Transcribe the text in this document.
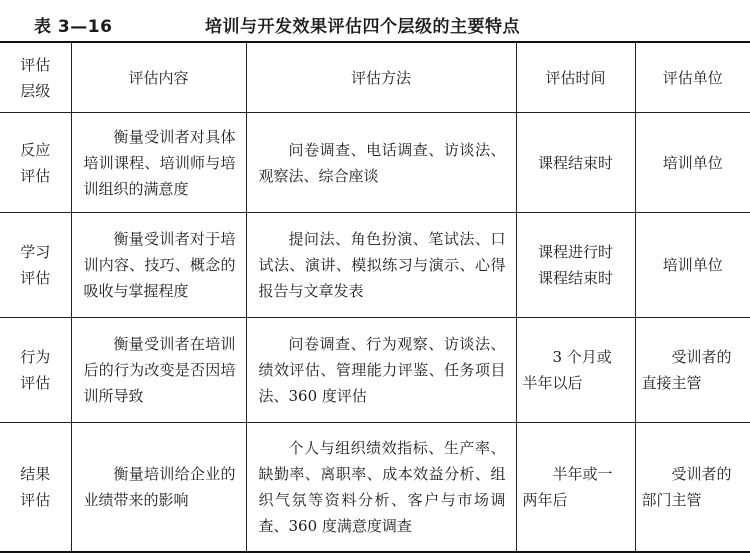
表 3—16	培训与开发效果评估四个层级的主要特点
评估层级	评估内容	评估方法	评估时间	评估单位

反应评估	衡量受训者对具体培训课程、培训师与培训组织的满意度	问卷调查、电话调查、访谈法、观察法、综合座谈	课程结束时	培训单位

学习评估	衡量受训者对于培训内容、技巧、概念的吸收与掌握程度	提问法、角色扮演、笔试法、口试法、演讲、模拟练习与演示、心得报告与文章发表	课程进行时 课程结束时	培训单位

行为评估	衡量受训者在培训后的行为改变是否因培训所导致	问卷调查、行为观察、访谈法、绩效评估、管理能力评鉴、任务项目法、360 度评估	3 个月或半年以后	受训者的直接主管

结果评估	衡量培训给企业的业绩带来的影响	个人与组织绩效指标、生产率、缺勤率、离职率、成本效益分析、组织气氛等资料分析、客户与市场调查、360 度满意度调查	半年或一两年后	受训者的部门主管
